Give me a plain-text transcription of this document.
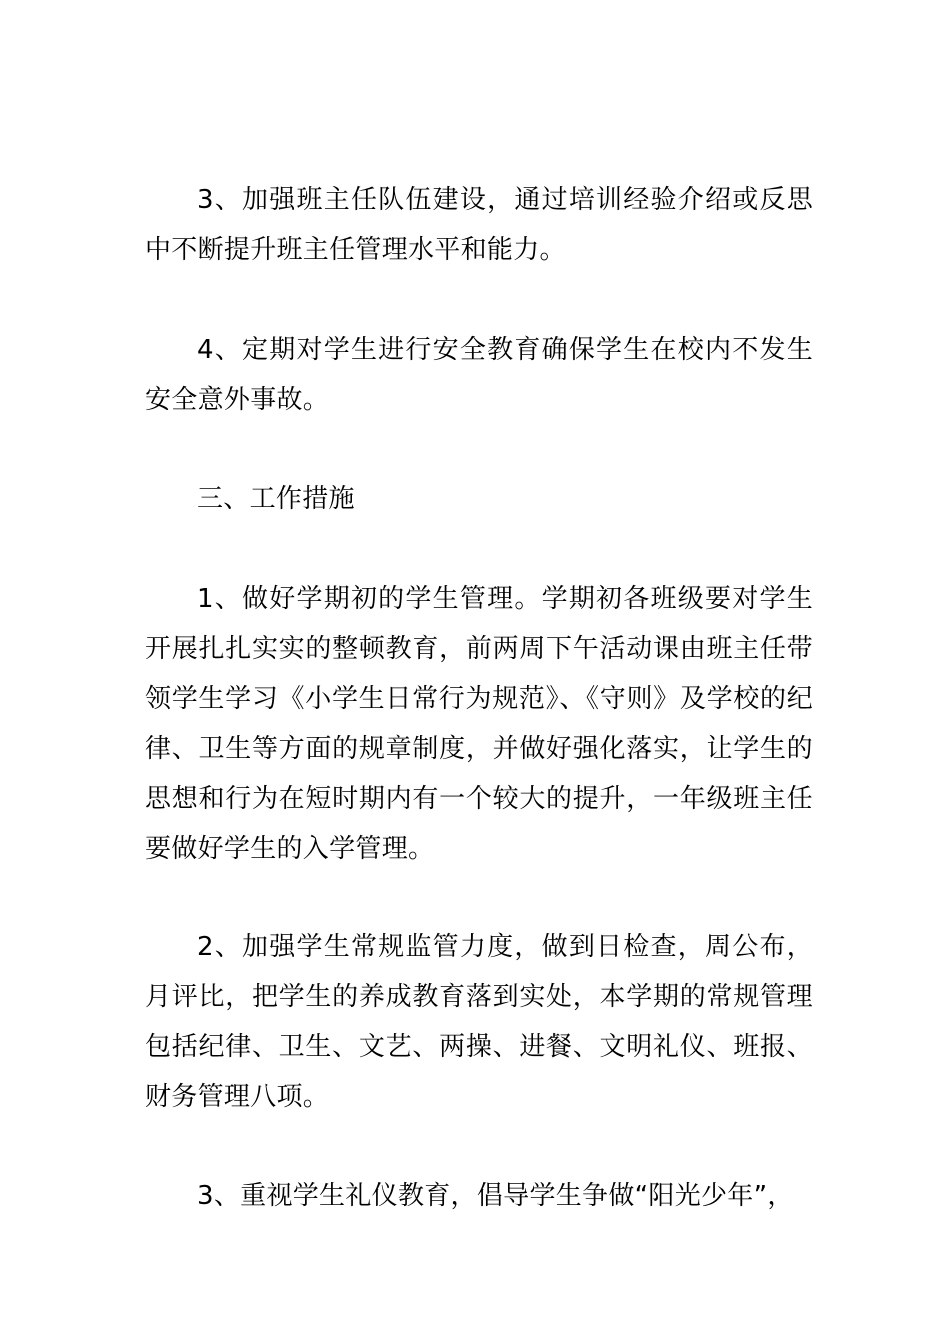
3、加强班主任队伍建设，通过培训经验介绍或反思中不断提升班主任管理水平和能力。

4、定期对学生进行安全教育确保学生在校内不发生安全意外事故。

三、工作措施

1、做好学期初的学生管理。学期初各班级要对学生开展扎扎实实的整顿教育，前两周下午活动课由班主任带领学生学习《小学生日常行为规范》、《守则》及学校的纪律、卫生等方面的规章制度，并做好强化落实，让学生的思想和行为在短时期内有一个较大的提升，一年级班主任要做好学生的入学管理。

2、加强学生常规监管力度，做到日检查，周公布，月评比，把学生的养成教育落到实处，本学期的常规管理包括纪律、卫生、文艺、两操、进餐、文明礼仪、班报、财务管理八项。

3、重视学生礼仪教育，倡导学生争做“阳光少年”，
